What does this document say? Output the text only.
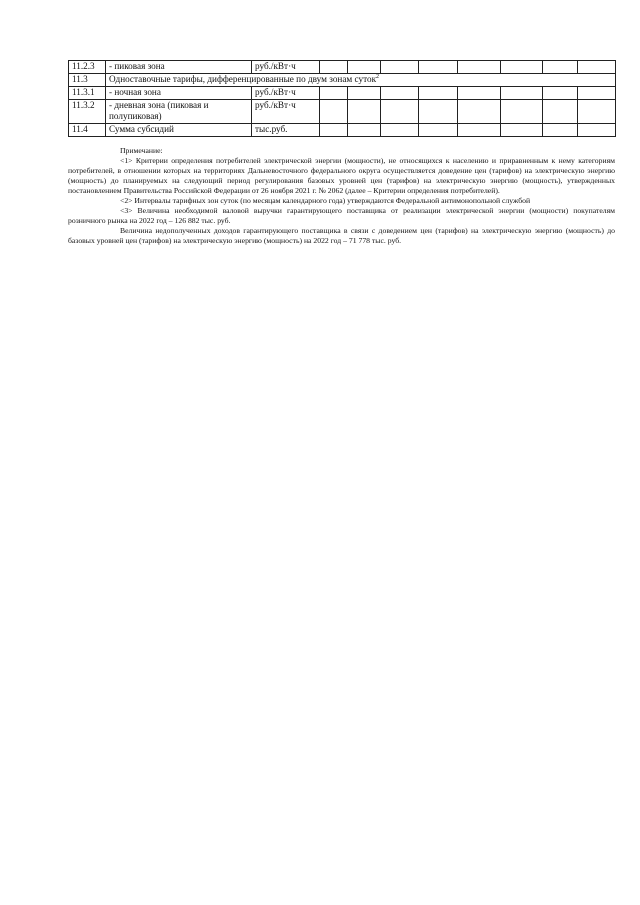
11.2.3	- пиковая зона	руб./кВт·ч								
11.3	Одноставочные тарифы, дифференцированные по двум зонам суток$^2$
11.3.1	- ночная зона	руб./кВт·ч								
11.3.2	- дневная зона (пиковая и полупиковая)	руб./кВт·ч								
11.4	Сумма субсидий	тыс.руб.								

Примечание:

<1> Критерии определения потребителей электрической энергии (мощности), не относящихся к населению и приравненным к нему категориям потребителей, в отношении которых на территориях Дальневосточного федерального округа осуществляется доведение цен (тарифов) на электрическую энергию (мощность) до планируемых на следующий период регулирования базовых уровней цен (тарифов) на электрическую энергию (мощность), утвержденных постановлением Правительства Российской Федерации от 26 ноября 2021 г. № 2062 (далее – Критерии определения потребителей).

<2> Интервалы тарифных зон суток (по месяцам календарного года) утверждаются Федеральной антимонопольной службой

<3> Величина необходимой валовой выручки гарантирующего поставщика от реализации электрической энергии (мощности) покупателям розничного рынка на 2022 год – 126 882 тыс. руб.

Величина недополученных доходов гарантирующего поставщика в связи с доведением цен (тарифов) на электрическую энергию (мощность) до базовых уровней цен (тарифов) на электрическую энергию (мощность) на 2022 год – 71 778 тыс. руб.
